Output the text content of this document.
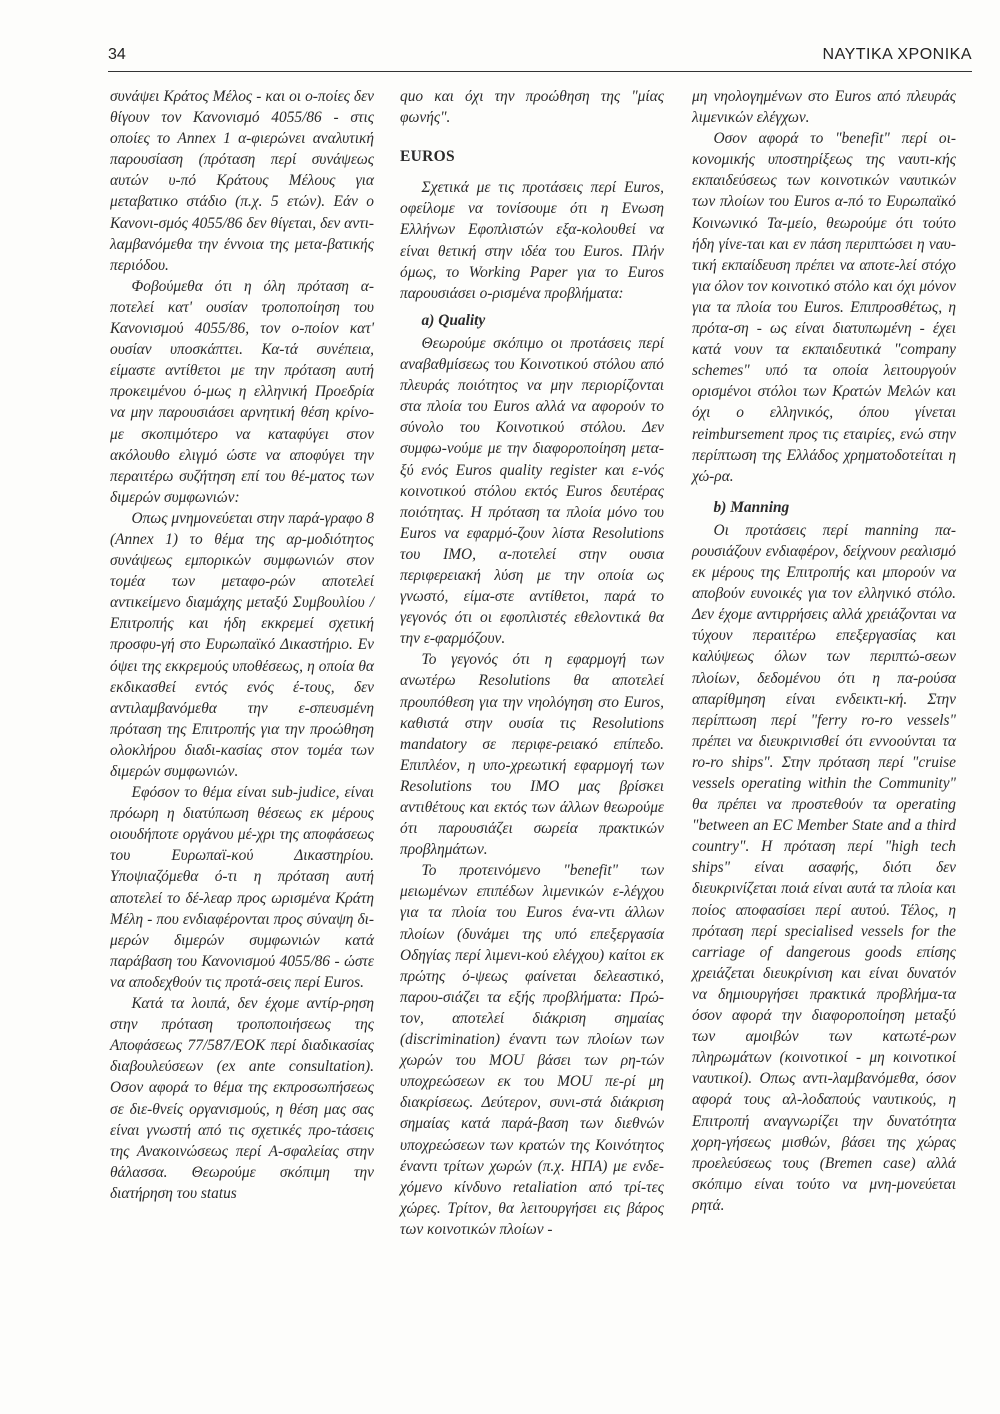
34	ΝΑΥΤΙΚΑ ΧΡΟΝΙΚΑ

συνάψει Κράτος Μέλος - και οι ο-ποίες δεν θίγουν τον Κανονισμό 4055/86 - στις οποίες το Annex 1 α-φιερώνει αναλυτική παρουσίαση (πρόταση περί συνάψεως αυτών υ-πό Κράτους Μέλους για μεταβατικο στάδιο (π.χ. 5 ετών). Εάν ο Κανονι-σμός 4055/86 δεν θίγεται, δεν αντι-λαμβανόμεθα την έννοια της μετα-βατικής περιόδου.

Φοβούμεθα ότι η όλη πρόταση α-ποτελεί κατ' ουσίαν τροποποίηση του Κανονισμού 4055/86, τον ο-ποίον κατ' ουσίαν υποσκάπτει. Κα-τά συνέπεια, είμαστε αντίθετοι με την πρόταση αυτή προκειμένου ό-μως η ελληνική Προεδρία να μην παρουσιάσει αρνητική θέση κρίνο-με σκοπιμότερο να καταφύγει στον ακόλουθο ελιγμό ώστε να αποφύγει την περαιτέρω συζήτηση επί του θέ-ματος των διμερών συμφωνιών:

Οπως μνημονεύεται στην παρά-γραφο 8 (Annex 1) το θέμα της αρ-μοδιότητος συνάψεως εμπορικών συμφωνιών στον τομέα των μεταφο-ρών αποτελεί αντικείμενο διαμάχης μεταξύ Συμβουλίου / Επιτροπής και ήδη εκκρεμεί σχετική προσφυ-γή στο Ευρωπαϊκό Δικαστήριο. Εν όψει της εκκρεμούς υποθέσεως, η οποία θα εκδικασθεί εντός ενός έ-τους, δεν αντιλαμβανόμεθα την ε-σπευσμένη πρόταση της Επιτροπής για την προώθηση ολοκλήρου διαδι-κασίας στον τομέα των διμερών συμφωνιών.

Εφόσον το θέμα είναι sub-judice, είναι πρόωρη η διατύπωση θέσεως εκ μέρους οιουδήποτε οργάνου μέ-χρι της αποφάσεως του Ευρωπαϊ-κού Δικαστηρίου. Υποψιαζόμεθα ό-τι η πρόταση αυτή αποτελεί το δέ-λεαρ προς ωρισμένα Κράτη Μέλη - που ενδιαφέρονται προς σύναψη δι-μερών διμερών συμφωνιών κατά παράβαση του Κανονισμού 4055/86 - ώστε να αποδεχθούν τις προτά-σεις περί Euros.

Κατά τα λοιπά, δεν έχομε αντίρ-ρηση στην πρόταση τροποποιήσεως της Αποφάσεως 77/587/ΕΟΚ περί διαδικασίας διαβουλεύσεων (ex ante consultation). Οσον αφορά το θέμα της εκπροσωπήσεως σε διε-θνείς οργανισμούς, η θέση μας σας είναι γνωστή από τις σχετικές προ-τάσεις της Ανακοινώσεως περί Α-σφαλείας στην θάλασσα. Θεωρούμε σκόπιμη την διατήρηση του status

quo και όχι την προώθηση της "μίας φωνής".

EUROS

Σχετικά με τις προτάσεις περί Euros, οφείλομε να τονίσουμε ότι η Ενωση Ελλήνων Εφοπλιστών εξα-κολουθεί να είναι θετική στην ιδέα του Euros. Πλήν όμως, το Working Paper για το Euros παρουσιάσει ο-ρισμένα προβλήματα:

a) Quality

Θεωρούμε σκόπιμο οι προτάσεις περί αναβαθμίσεως του Κοινοτικού στόλου από πλευράς ποιότητος να μην περιορίζονται στα πλοία του Euros αλλά να αφορούν το σύνολο του Κοινοτικού στόλου. Δεν συμφω-νούμε με την διαφοροποίηση μετα-ξύ ενός Euros quality register και ε-νός κοινοτικού στόλου εκτός Euros δευτέρας ποιότητας. Η πρόταση τα πλοία μόνο του Euros να εφαρμό-ζουν λίστα Resolutions του ΙΜΟ, α-ποτελεί στην ουσια περιφερειακή λύση με την οποία ως γνωστό, είμα-στε αντίθετοι, παρά το γεγονός ότι οι εφοπλιστές εθελοντικά θα την ε-φαρμόζουν.

Το γεγονός ότι η εφαρμογή των ανωτέρω Resolutions θα αποτελεί προυπόθεση για την νηολόγηση στο Euros, καθιστά στην ουσία τις Resolutions mandatory σε περιφε-ρειακό επίπεδο. Επιπλέον, η υπο-χρεωτική εφαρμογή των Resolutions του ΙΜΟ μας βρίσκει αντιθέτους και εκτός των άλλων θεωρούμε ότι παρουσιάζει σωρεία πρακτικών προβλημάτων.

Το προτεινόμενο "benefit" των μειωμένων επιπέδων λιμενικών ε-λέγχου για τα πλοία του Euros ένα-ντι άλλων πλοίων (δυνάμει της υπό επεξεργασία Οδηγίας περί λιμενι-κού ελέγχου) καίτοι εκ πρώτης ό-ψεως φαίνεται δελεαστικό, παρου-σιάζει τα εξής προβλήματα: Πρώ-τον, αποτελεί διάκριση σημαίας (discrimination) έναντι των πλοίων των χωρών του MOU βάσει των ρη-τών υποχρεώσεων εκ του MOU πε-ρί μη διακρίσεως. Δεύτερον, συνι-στά διάκριση σημαίας κατά παρά-βαση των διεθνών υποχρεώσεων των κρατών της Κοινότητος έναντι τρίτων χωρών (π.χ. ΗΠΑ) με ενδε-χόμενο κίνδυνο retaliation από τρί-τες χώρες. Τρίτον, θα λειτουργήσει εις βάρος των κοινοτικών πλοίων -

μη νηολογημένων στο Euros από πλευράς λιμενικών ελέγχων.

Οσον αφορά το "benefit" περί οι-κονομικής υποστηρίξεως της ναυτι-κής εκπαιδεύσεως των κοινοτικών ναυτικών των πλοίων του Euros α-πό το Ευρωπαϊκό Κοινωνικό Τα-μείο, θεωρούμε ότι τούτο ήδη γίνε-ται και εν πάση περιπτώσει η ναυ-τική εκπαίδευση πρέπει να αποτε-λεί στόχο για όλον τον κοινοτικό στόλο και όχι μόνον για τα πλοία του Euros. Επιπροσθέτως, η πρότα-ση - ως είναι διατυπωμένη - έχει κατά νουν τα εκπαιδευτικά "company schemes" υπό τα οποία λειτουργούν ορισμένοι στόλοι των Κρατών Μελών και όχι ο ελληνικός, όπου γίνεται reimbursement προς τις εταιρίες, ενώ στην περίπτωση της Ελλάδος χρηματοδοτείται η χώ-ρα.

b) Manning

Οι προτάσεις περί manning πα-ρουσιάζουν ενδιαφέρον, δείχνουν ρεαλισμό εκ μέρους της Επιτροπής και μπορούν να αποβούν ευνοικές για τον ελληνικό στόλο. Δεν έχομε αντιρρήσεις αλλά χρειάζονται να τύχουν περαιτέρω επεξεργασίας και καλύψεως όλων των περιπτώ-σεων πλοίων, δεδομένου ότι η πα-ρούσα απαρίθμηση είναι ενδεικτι-κή. Στην περίπτωση περί "ferry ro-ro vessels" πρέπει να διευκρινισθεί ότι εννοούνται τα ro-ro ships". Στην πρόταση περί "cruise vessels operating within the Community" θα πρέπει να προστεθούν τα operating "between an EC Member State and a third country". Η πρόταση περί "high tech ships" είναι ασαφής, διότι δεν διευκρινίζεται ποιά είναι αυτά τα πλοία και ποίος αποφασίσει περί αυτού. Τέλος, η πρόταση περί specialised vessels for the carriage of dangerous goods επίσης χρειάζεται διευκρίνιση και είναι δυνατόν να δημιουργήσει πρακτικά προβλήμα-τα όσον αφορά την διαφοροποίηση μεταξύ των αμοιβών των κατωτέ-ρων πληρωμάτων (κοινοτικοί - μη κοινοτικοί ναυτικοί). Οπως αντι-λαμβανόμεθα, όσον αφορά τους αλ-λοδαπούς ναυτικούς, η Επιτροπή αναγνωρίζει την δυνατότητα χορη-γήσεως μισθών, βάσει της χώρας προελεύσεως τους (Bremen case) αλλά σκόπιμο είναι τούτο να μνη-μονεύεται ρητά.
